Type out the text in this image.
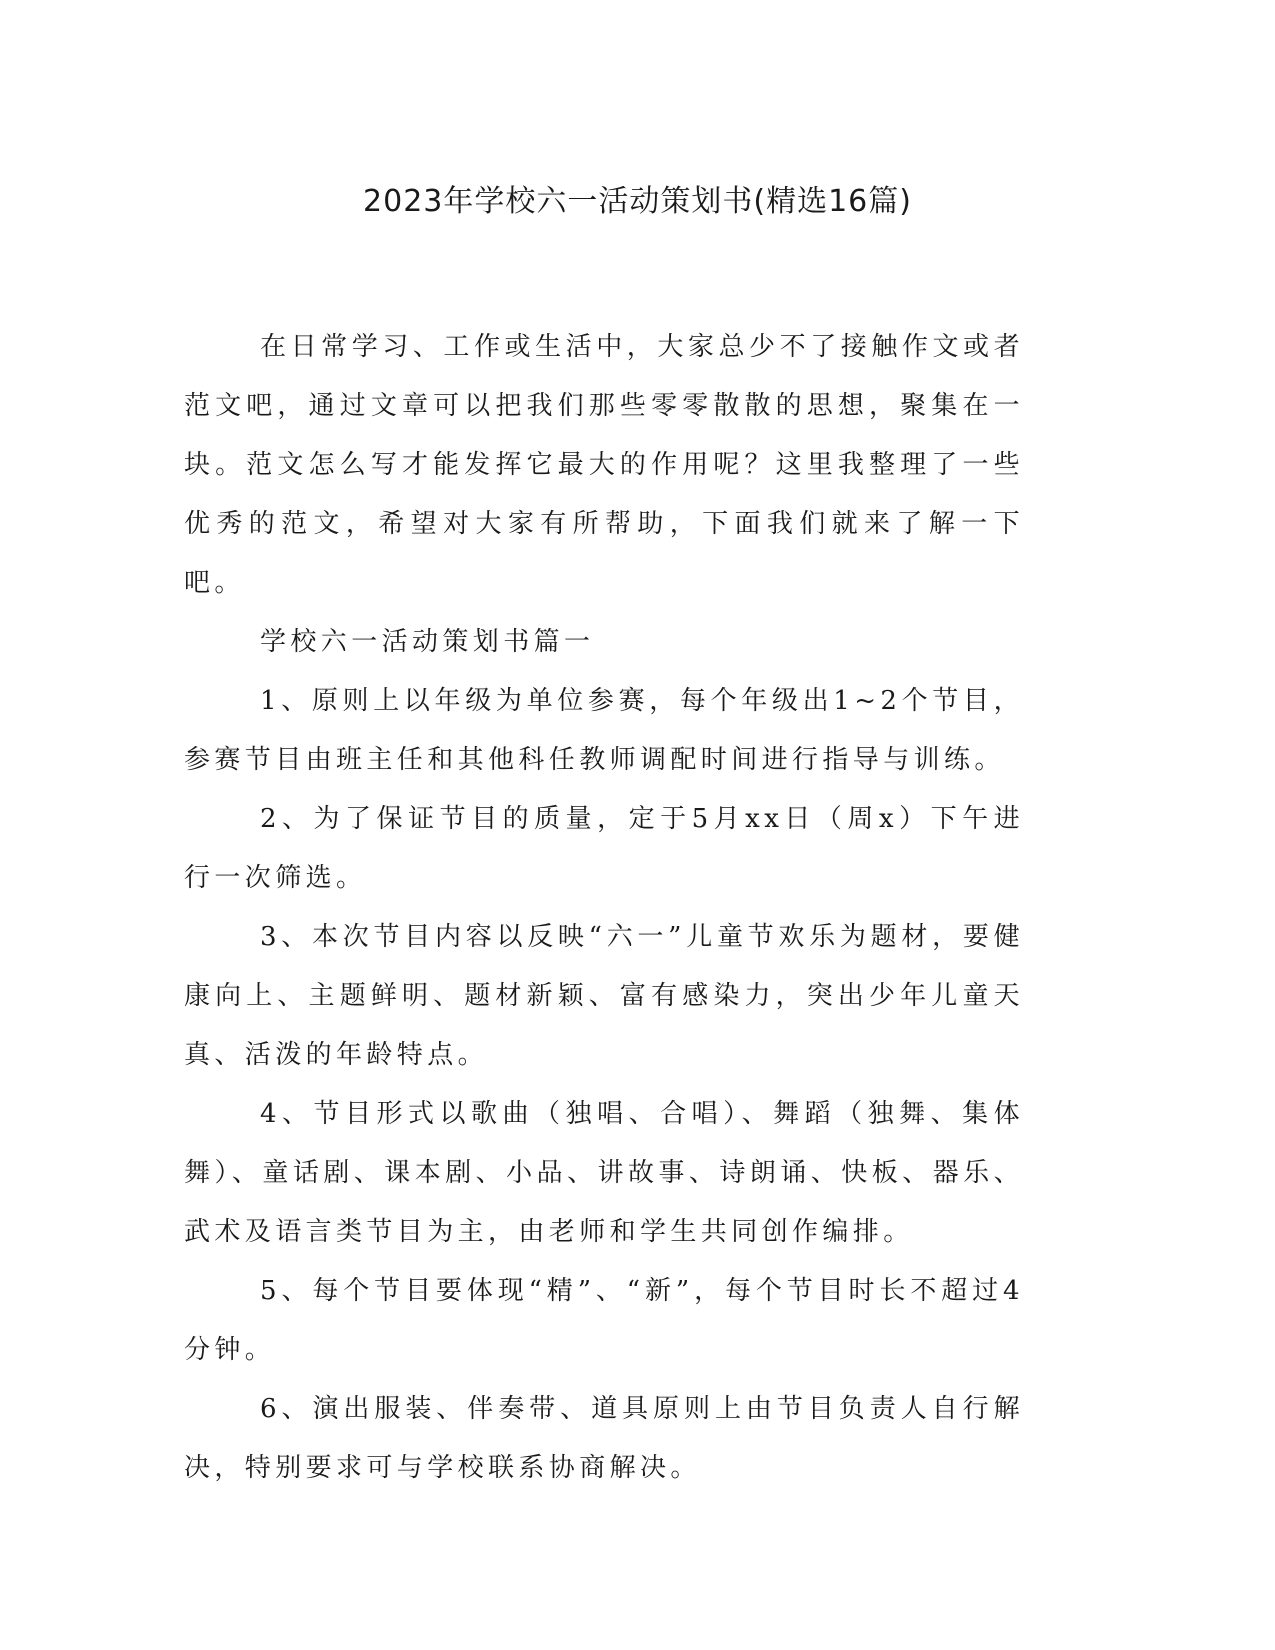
2023年学校六一活动策划书(精选16篇)

在日常学习、工作或生活中，大家总少不了接触作文或者范文吧，通过文章可以把我们那些零零散散的思想，聚集在一块。范文怎么写才能发挥它最大的作用呢？这里我整理了一些优秀的范文，希望对大家有所帮助，下面我们就来了解一下吧。

学校六一活动策划书篇一

1、原则上以年级为单位参赛，每个年级出1~2个节目，参赛节目由班主任和其他科任教师调配时间进行指导与训练。

2、为了保证节目的质量，定于5月xx日（周x）下午进行一次筛选。

3、本次节目内容以反映“六一”儿童节欢乐为题材，要健康向上、主题鲜明、题材新颖、富有感染力，突出少年儿童天真、活泼的年龄特点。

4、节目形式以歌曲（独唱、合唱）、舞蹈（独舞、集体舞）、童话剧、课本剧、小品、讲故事、诗朗诵、快板、器乐、武术及语言类节目为主，由老师和学生共同创作编排。

5、每个节目要体现“精”、“新”，每个节目时长不超过4分钟。

6、演出服装、伴奏带、道具原则上由节目负责人自行解决，特别要求可与学校联系协商解决。
